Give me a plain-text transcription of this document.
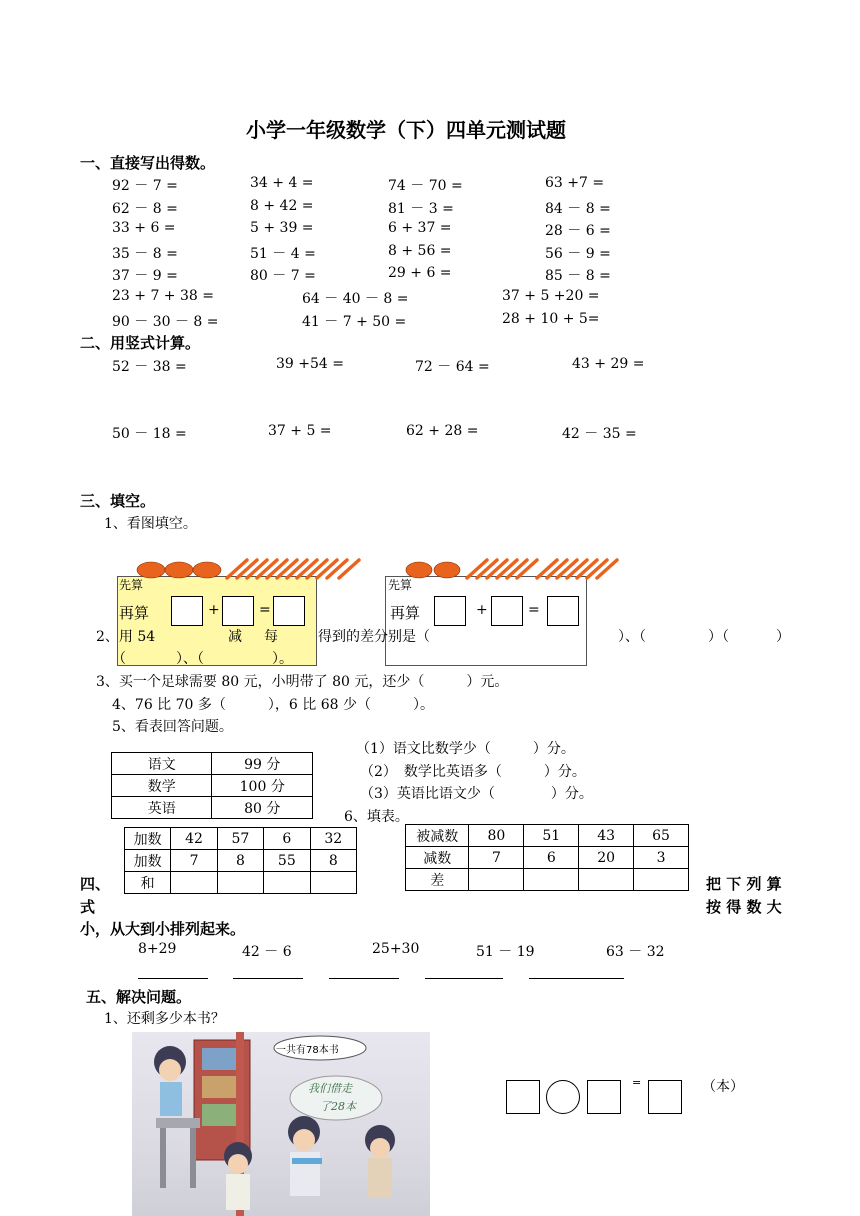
小学一年级数学（下）四单元测试题
一、直接写出得数。
92 － 7 =	34 + 4 =	74 － 70 =	63 +7 =
62 － 8 =	8 + 42 =	81 － 3 =	84 － 8 =
33 + 6 =	5 + 39 =	6 + 37 =	28 － 6 =
35 － 8 =	51 － 4 =	8 + 56 =	56 － 9 =
37 － 9 =	80 － 7 =	29 + 6 =	85 － 8 =
23 + 7 + 38 =	64 － 40 － 8 =	37 + 5 +20 =
90 － 30 － 8 =	41 － 7 + 50 =	28 + 10 + 5=
二、用竖式计算。
52 － 38 =	39 +54 =	72 － 64 =	43 + 29 =
50 － 18 =	37 + 5 =	62 + 28 =	42 － 35 =
三、填空。
1、看图填空。
先算
再算	+	=
先算
再算	+	=
2、用 54	减 每	得到的差分别是（	）、（	）（	）
（	）、（	）。
3、买一个足球需要 80 元，小明带了 80 元，还少（　　　）元。
4、76 比 70 多（　　　），6 比 68 少（　　　）。
5、看表回答问题。
语文	99 分
数学	100 分
英语	80 分
（1）语文比数学少（　　　）分。
（2）　数学比英语多（　　　）分。
（3）英语比语文少（　　　　）分。
6、填表。
加数	42	57	6	32
加数	7	8	55	8
和				
被减数	80	51	43	65
减数	7	6	20	3
差				
四、
式
把 下 列 算
按 得 数 大
小，从大到小排列起来。
8+29	42 － 6	25+30	51 － 19	63 － 32
五、解决问题。
1、还剩多少本书？
一共有78本书
我们借走
了28本
=	（本）
